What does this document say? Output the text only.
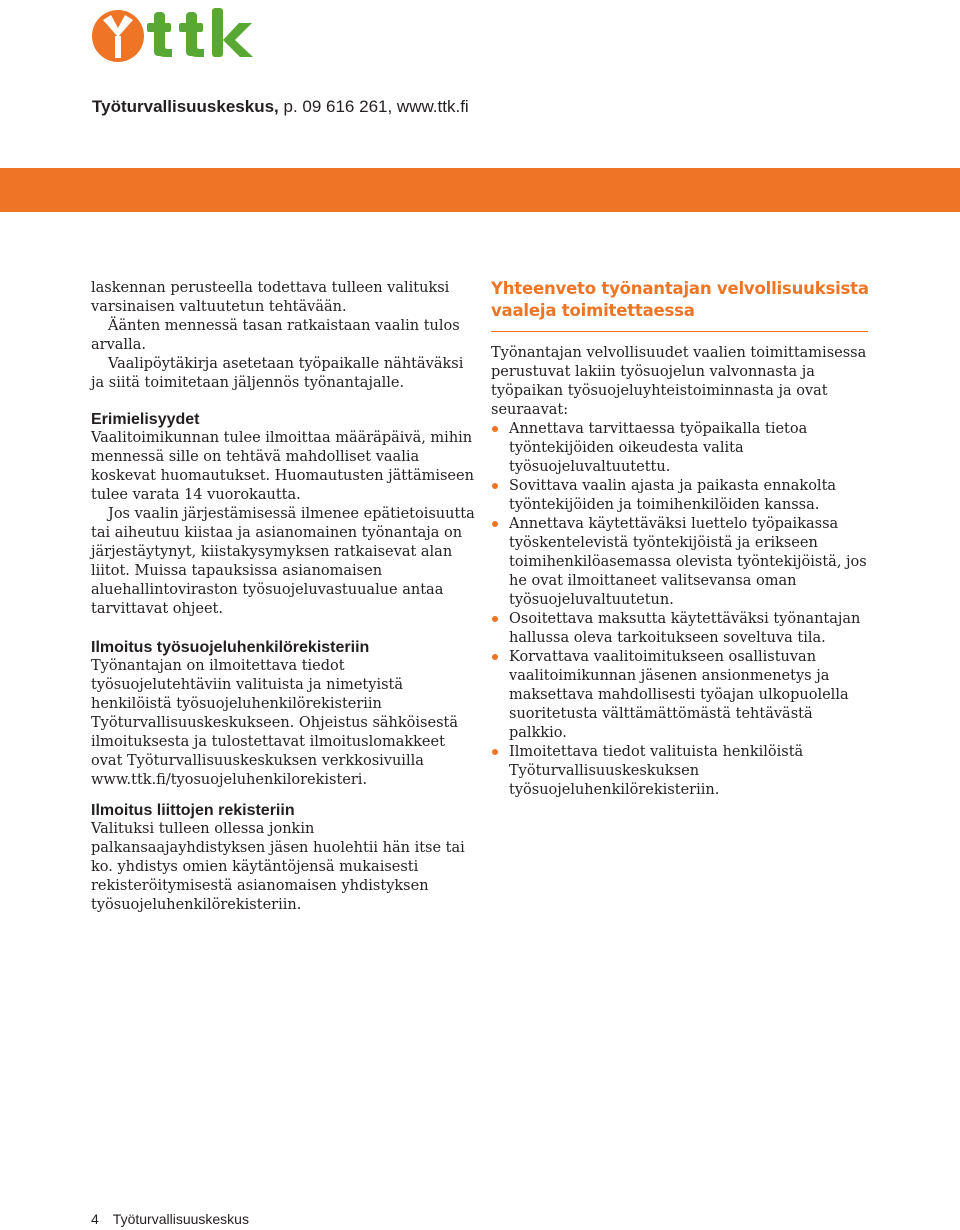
Työturvallisuuskeskus, p. 09 616 261, www.ttk.fi

laskennan perusteella todettava tulleen valituksi varsinaisen valtuutetun tehtävään.

Äänten mennessä tasan ratkaistaan vaalin tulos arvalla.

Vaalipöytäkirja asetetaan työpaikalle nähtäväksi ja siitä toimitetaan jäljennös työnantajalle.

Erimielisyydet

Vaalitoimikunnan tulee ilmoittaa määräpäivä, mihin mennessä sille on tehtävä mahdolliset vaalia koskevat huomautukset. Huomautusten jättämiseen tulee varata 14 vuorokautta.

Jos vaalin järjestämisessä ilmenee epätietoisuutta tai aiheutuu kiistaa ja asianomainen työnantaja on järjestäytynyt, kiistakysymyksen ratkaisevat alan liitot. Muissa tapauksissa asianomaisen aluehallintoviraston työsuojeluvastuualue antaa tarvittavat ohjeet.

Ilmoitus työsuojeluhenkilörekisteriin

Työnantajan on ilmoitettava tiedot työsuojelutehtäviin valituista ja nimetyistä henkilöistä työsuojeluhenkilörekisteriin Työturvallisuuskeskukseen. Ohjeistus sähköisestä ilmoituksesta ja tulostettavat ilmoituslomakkeet ovat Työturvallisuuskeskuksen verkkosivuilla www.ttk.fi/tyosuojeluhenkilorekisteri.

Ilmoitus liittojen rekisteriin

Valituksi tulleen ollessa jonkin palkansaajayhdistyksen jäsen huolehtii hän itse tai ko. yhdistys omien käytäntöjensä mukaisesti rekisteröitymisestä asianomaisen yhdistyksen työsuojeluhenkilörekisteriin.

Yhteenveto työnantajan velvollisuuksista
vaaleja toimitettaessa

Työnantajan velvollisuudet vaalien toimittamisessa perustuvat lakiin työsuojelun valvonnasta ja työpaikan työsuojeluyhteistoiminnasta ja ovat seuraavat:

Annettava tarvittaessa työpaikalla tietoa työntekijöiden oikeudesta valita työsuojeluvaltuutettu.
Sovittava vaalin ajasta ja paikasta ennakolta työntekijöiden ja toimihenkilöiden kanssa.
Annettava käytettäväksi luettelo työpaikassa työskentelevistä työntekijöistä ja erikseen toimihenkilöasemassa olevista työntekijöistä, jos he ovat ilmoittaneet valitsevansa oman työsuojeluvaltuutetun.
Osoitettava maksutta käytettäväksi työnantajan hallussa oleva tarkoitukseen soveltuva tila.
Korvattava vaalitoimitukseen osallistuvan vaalitoimikunnan jäsenen ansionmenetys ja maksettava mahdollisesti työajan ulkopuolella suoritetusta välttämättömästä tehtävästä palkkio.
Ilmoitettava tiedot valituista henkilöistä Työturvallisuuskeskuksen työsuojeluhenkilörekisteriin.
4 Työturvallisuuskeskus
